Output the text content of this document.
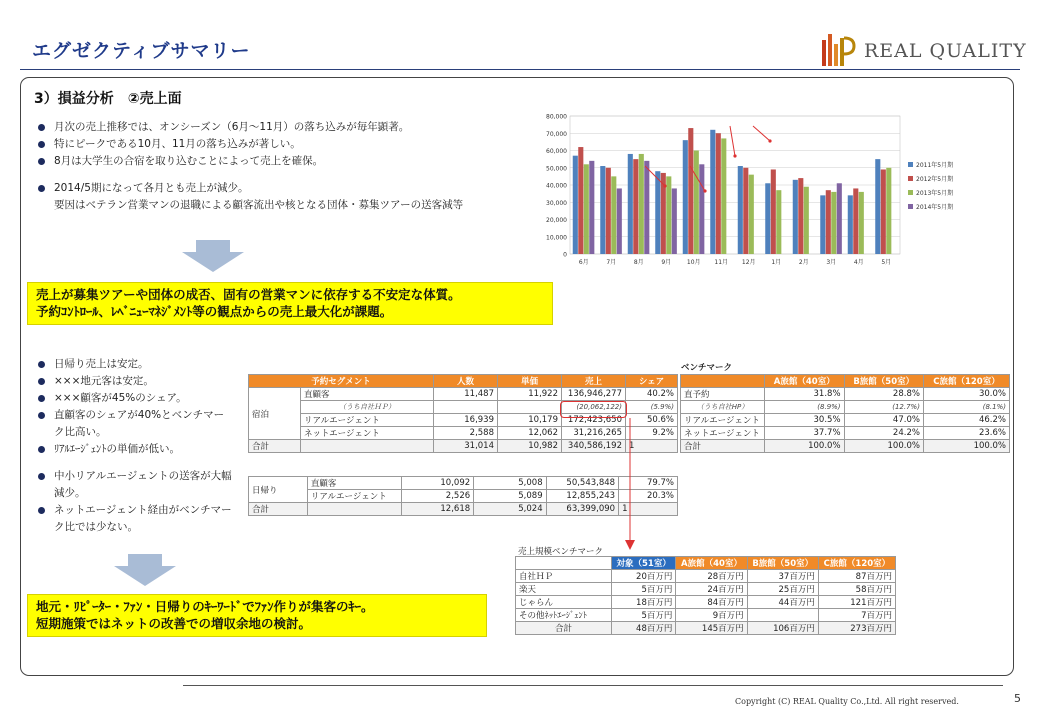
エグゼクティブサマリー	REAL QUALITY
3）損益分析　②売上面
月次の売上推移では、オンシーズン（6月～11月）の落ち込みが毎年顕著。
特にピークである10月、11月の落ち込みが著しい。
8月は大学生の合宿を取り込むことによって売上を確保。
2014/5期になって各月とも売上が減少。
要因はベテラン営業マンの退職による顧客流出や核となる団体・募集ツアーの送客減等
売上が募集ツアーや団体の成否、固有の営業マンに依存する不安定な体質。
予約ｺﾝﾄﾛｰﾙ、ﾚﾍﾞﾆｭｰﾏﾈｼﾞﾒﾝﾄ等の観点からの売上最大化が課題。
0
10,000
20,000
30,000
40,000
50,000
60,000
70,000
80,000
6月	7月	8月	9月	10月 11月 12月	1月	2月	3月	4月	5月
2011年5月期
2012年5月期
2013年5月期
2014年5月期
日帰り売上は安定。
×××地元客は安定。
×××顧客が45%のシェア。
直顧客のシェアが40%とベンチマーク比高い。
ﾘｱﾙｴｰｼﾞｪﾝﾄの単価が低い。
中小リアルエージェントの送客が大幅減少。
ネットエージェント経由がベンチマーク比では少ない。
地元・ﾘﾋﾟｰﾀｰ・ﾌｧﾝ・日帰りのｷｰﾜｰﾄﾞでﾌｧﾝ作りが集客のｷｰ。
短期施策ではネットの改善での増収余地の検討。
予約セグメント		人数	単価	売上	シェア
宿泊	直顧客	11,487	11,922	136,946,277	40.2%
	（うち自社ＨＰ）			(20,062,122)	(5.9%)
	リアルエージェント	16,939	10,179	172,423,650	50.6%
	ネットエージェント	2,588	12,062	31,216,265	9.2%
合計		31,014	10,982	340,586,192	1
日帰り	直顧客	10,092	5,008	50,543,848	79.7%
	リアルエージェント	2,526	5,089	12,855,243	20.3%
合計		12,618	5,024	63,399,090	1
ベンチマーク
	A旅館（40室）	B旅館（50室）	C旅館（120室）
直予約	31.8%	28.8%	30.0%
（うち自社HP）	(8.9%)	(12.7%)	(8.1%)
リアルエージェント	30.5%	47.0%	46.2%
ネットエージェント	37.7%	24.2%	23.6%
合計	100.0%	100.0%	100.0%
売上規模ベンチマーク
	対象（51室）	A旅館（40室）	B旅館（50室）	C旅館（120室）
自社ＨＰ	20百万円	28百万円	37百万円	87百万円
楽天	5百万円	24百万円	25百万円	58百万円
じゃらん	18百万円	84百万円	44百万円	121百万円
その他ﾈｯﾄｴｰｼﾞｪﾝﾄ	5百万円	9百万円		7百万円
合計	48百万円	145百万円	106百万円	273百万円
Copyright (C) REAL Quality Co.,Ltd. All right reserved.	5
